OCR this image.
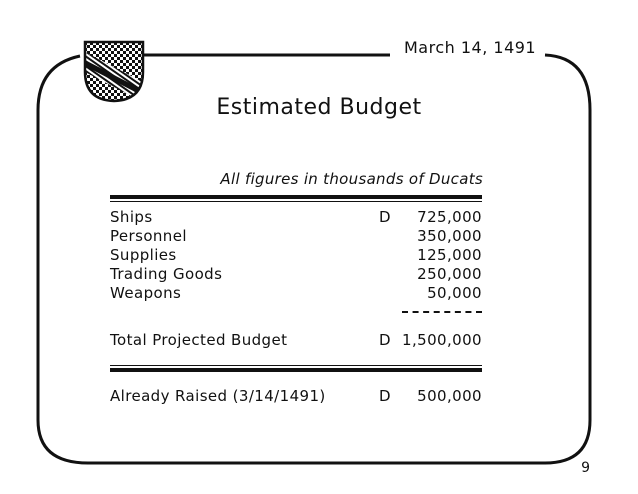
March 14, 1491
Estimated Budget
All figures in thousands of Ducats
Ships	D 725,000
Personnel	350,000
Supplies	125,000
Trading Goods	250,000
Weapons	50,000
Total Projected Budget	D 1,500,000
Already Raised (3/14/1491)	D 500,000
9
